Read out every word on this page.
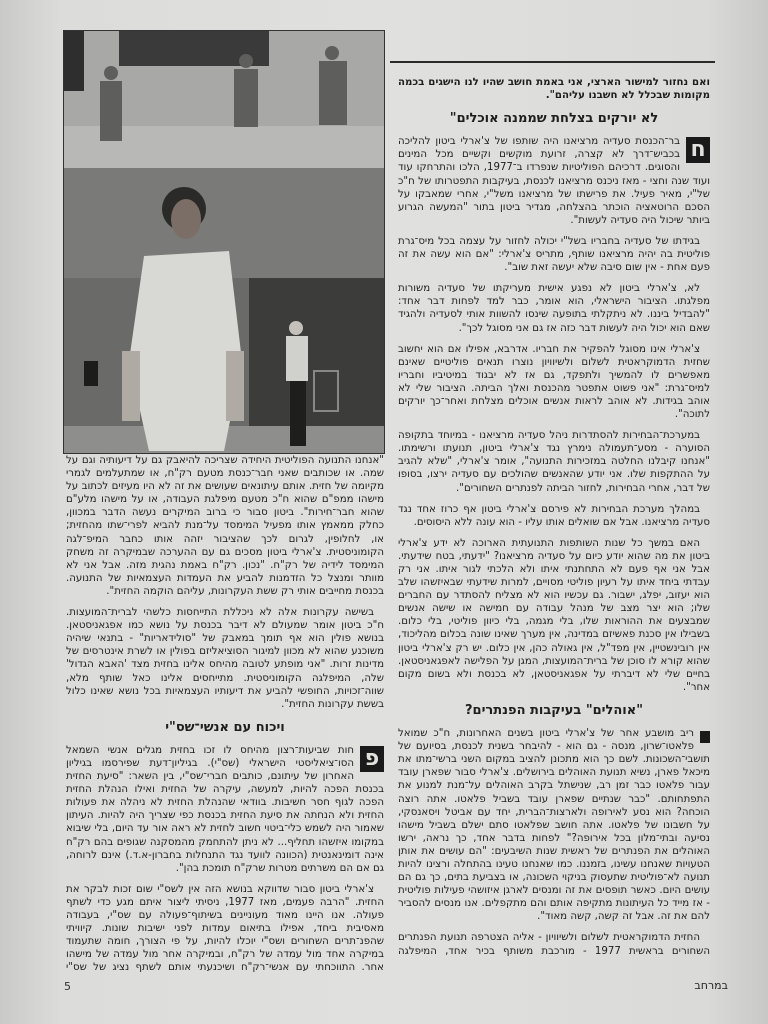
ואם נחזור למישור הארצי, אני באמת חושב שהיו לנו הישגים בכמה מקומות שבכלל לא חשבנו עליהם".

לא יורקים בצלחת שממנה אוכלים"

ח
בר־הכנסת סעדיה מרציאנו היה שותפו של צ'ארלי ביטון להליכה בכביש־דרך לא קצרה, זרועת מוקשים וקשיים מכל המינים והסוגים. דרכיהם הפוליטיות שנפרדו ב־1977, הלכו והתרחקו עוד ועוד שנה וחצי - מאז ניכנס מרציאנו לכנסת, בעיקבות התפטרותו של ח"כ של"י, מאיר פעיל. את פרישתו של מרציאנו משל"י, אחרי שמאבקו על הסכם הרוטאציה הוכתר בהצלחה, מגדיר ביטון בתור "המעשה הגרוע ביותר שיכול היה סעדיה לעשות".

בגידתו של סעדיה בחבריו בשל"י יכולה לחזור על עצמה בכל מיס־גרת פוליטית בה יהיה מרציאנו שותף, מתריס צ'ארלי: "אם הוא עשה את זה פעם אחת - אין שום סיבה שלא יעשה זאת שוב".

לא, צ'ארלי ביטון לא נפגע אישית מעריקתו של סעדיה משורות מפלגתו. הציבור הישראלי, הוא אומר, כבר למד לפחות דבר אחד: "להבדיל ביננו. לא ניתקלתי בתופעה שינסו להשוות אותי לסעדיה ולהגיד שאם הוא יכול היה לעשות דבר כזה אז גם אני מסוגל לכך".

צ'ארלי אינו מסוגל להפקיר את חבריו. אדרבא, אפילו אם הוא יחשוב שחזית הדמוקראטית לשלום ולשיוויון נוצרו תנאים פוליטיים שאינם מאפשרים לו להמשיך ולתפקד, גם אז לא יבגוד במיטיביו וחבריו למיס־גרת: "אני פשוט אתפטר מהכנסת ואלך הביתה. הציבור שלי לא אוהב בגידות. לא אוהב לראות אנשים אוכלים מצלחת ואחר־כך יורקים לתוכה".

במערכת־הבחירות להסתדרות ניהל סעדיה מרציאנו - במיוחד בתקופה הסוערה - מסע־תעמולה נימרץ נגד צ'ארלי ביטון, תנועתו ורשימתו. "אנחנו קיבלנו החלטה במזכירות התנועה", אומר צ'ארלי, "שלא להגיב על ההתקפות שלו. אני יודע שהאנשים שהולכים עם סעדיה ירצו, בסופו של דבר, אחרי הבחירות, לחזור הביתה לפנתרים השחורים".

במהלך מערכת הבחירות לא פירסם צ'ארלי ביטון אף כרוז אחד נגד סעדיה מרציאנו. אבל אם שואלים אותו עליו - הוא עונה ללא היסוסים.

האם במשך כל שנות השותפות התנועתית הארוכה לא ידע צ'ארלי ביטון את מה שהוא יודע כיום על סעדיה מרציאנו? "ידעתי, בטח שידעתי. אבל אני אף פעם לא התחתנתי איתו ולא הלכתי לגור איתו. אני רק עבדתי ביחד איתו על רעיון פוליטי מסויים, למרות שידעתי שבאיזשהו שלב הוא יעזוב, יפלג, ישבור. גם עכשיו הוא לא מצליח להסתדר עם החברים שלו; הוא יצר מצב של מנהל עבודה עם חמישה או שישה אנשים שמבצעים את ההוראות שלו, בלי מגמה, בלי כיוון פוליטי, בלי כלום. בשבילו אין סכנת פאשיזם במדינה, אין מערך שאינו שונה בכלום מהליכוד, אין רובינשטיין, אין מפד"ל, אין גאולה כהן, אין כלום. יש רק צ'ארלי ביטון שהוא קורא לו סוכן של ברית־המועצות, המגן על הפלישה לאפגאניסטאן. בחיים שלי לא דיברתי על אפגאניסטאן, לא בכנסת ולא בשום מקום אחר".

"אוהלים" בעיקבות הפנתרים?

ריב מושבע אחר של צ'ארלי ביטון בשנים האחרונות, ח"כ שמואל פלאטו־שרון, מנסה - גם הוא - להיבחר בשנית לכנסת, בסיועם של תושבי־השכונות. לשם כך הוא מתכונן להציב במקום השני ברשי־מתו את מיכאל פארן, נשיא תנועת האוהלים בירושלים. צ'ארלי סבור שפארן עובד עבור פלאטו כבר זמן רב, שנישתל בקרב האוהלים על־מנת למנוע את התפתחותם. "כבר שנתיים שפארן עובד בשביל פלאטו. אתה רוצה הוכחה? הוא נסע לאירופה ולארצות־הברית, יחד עם אביטל ויסאנסקי, על חשבונו של פלאטו. אתה חושב שפלאטו סתם ישלם בשביל מישהו נסיעה ובתי־מלון בכל אירופה?" לפחות בדבר אחד, כך נראה, ירשו האוהלים את הפנתרים של ראשית שנות השיבעים: "הם עושים את אותן הטעויות שאנחנו עשינו, בזמננו. כמו שאנחנו טעינו בהתחלה ורצינו להיות תנועה לא־פוליטית שתעסוק בניקוי השכונה, או בצביעת בתים, כך גם הם עושים היום. כאשר תופסים את זה ומנסים לארגן איזושהי פעילות פוליטית - אז מייד כל העיתונות מתקיפה אותם והם מתקפלים. אנו מנסים להסביר להם את זה. אבל זה קשה, קשה מאוד".

החזית הדמוקראטית לשלום ולשיוויון - אליה הצטרפה תנועת הפנתרים השחורים בראשית 1977 - מורכבת משותף בכיר אחד, המיפלגה

"אנחנו התנועה הפוליטית היחידה שצריכה להיאבק גם על דיעותיה וגם על שמה. או שכותבים שאני חבר־כנסת מטעם רק"ח, או שמתעלמים לגמרי מקיומה של חזית. אותם עיתונאים שעושים את זה לא היו מעיזים לכתוב על מישהו ממפ"ם שהוא ח"כ מטעם מיפלגת העבודה, או על מישהו מלע"ם שהוא חבר־חירות". ביטון סבור כי ברוב המיקרים נעשה הדבר במכוון, כחלק ממאמץ אותו מפעיל המימסד על־מנת להביא לפרי־שתו מהחזית; או, לחלופין, לגרום לכך שהציבור יזהה אותו כחבר המיפ־לגה הקומוניסטית. צ'ארלי ביטון מסכים גם עם ההערכה שבמיקרה זה משחק המימסד לידיה של רק"ח. "נכון. רק"ח באמת נהגית מזה. אבל אני לא מוותר ומנצל כל הזדמנות להביע את העמדות העצמאיות של התנועה. בכנסת מחייבים אותי רק ששת העקרונות, עליהם הוקמה החזית".

בשישה עקרונות אלה לא ניכללת התייחסות כלשהי לברית־המועצות. ח"כ ביטון אומר שמעולם לא דיבר בכנסת על נושא כמו אפגאניסטאן. בנושא פולין הוא אף תומך במאבק של "סולידאריות" - בתנאי שיהיה משוכנע שהוא לא מכוון למיגור הסוציאליזם בפולין או לשרת אינטרסים של מדינות זרות. "אני מופתע לטובה מהיחס אלינו בחזית מצד 'האבא הגדול' שלה, המיפלגה הקומוניסטית. מתייחסים אלינו כאל שותף מלא, שווה־זכויות, החופשי להביע את דיעותיו העצמאיות בכל נושא שאינו כלול בששת עקרונות החזית".

ויכוח עם אנשי־שס"י

פ
חות שביעות־רצון מהיחס לו זכו בחזית מגלים אנשי השמאל הסו־ציאליסטי הישראלי (שס"י). בגיליון־דעת שפירסמו בגיליון האחרון של עיתונם, כותבים חברי־שס"י, בין השאר: "סיעת החזית בכנסת הפכה להיות, למעשה, עיקרה של החזית ואילו הנהלת החזית הפכה לגוף חסר חשיבות. בוודאי שהנהלת החזית לא ניהלה את פעולות החזית ולא הנחתה את סיעת החזית בכנסת כפי שצריך היה להיות. העיתון שאמור היה לשמש כלי־ביטוי חשוב לחזית לא ראה אור עד היום, בלי שיבוא במקומו איזשהו תחליף... לא ניתן להתחמק מהמסקנה שגופים בהם רק"ח אינה דומינאנטית (הכוונה לוועד נגד התנחלות בחברון-א.ד.) אינם לרוחה, גם אם הם משרתים מטרות שרק"ח תומכת בהן".

צ'ארלי ביטון סבור שדווקא בנושא הזה אין לשס"י שום זכות לבקר את החזית. "הרבה פעמים, מאז 1977, ניסיתי ליצור איתם מגע כדי לשתף פעולה. אנו היינו מאוד מעוניינים בשיתוף־פעולה עם שס"י, בעבודה מאסיבית ביחד, אפילו בתיאום עמדות לפני ישיבות שונות. קיוויתי שהפנ־תרים השחורים ושס"י יוכלו להיות, על פי הצורך, חומה שתעמוד במיקרה אחד מול עמדה של רק"ח, ובמיקרה אחר מול עמדה של מישהו אחר. התווכחתי עם אנשי־רק"ח ושיכנעתי אותם לשתף נציג של שס"י

5	במרחב
